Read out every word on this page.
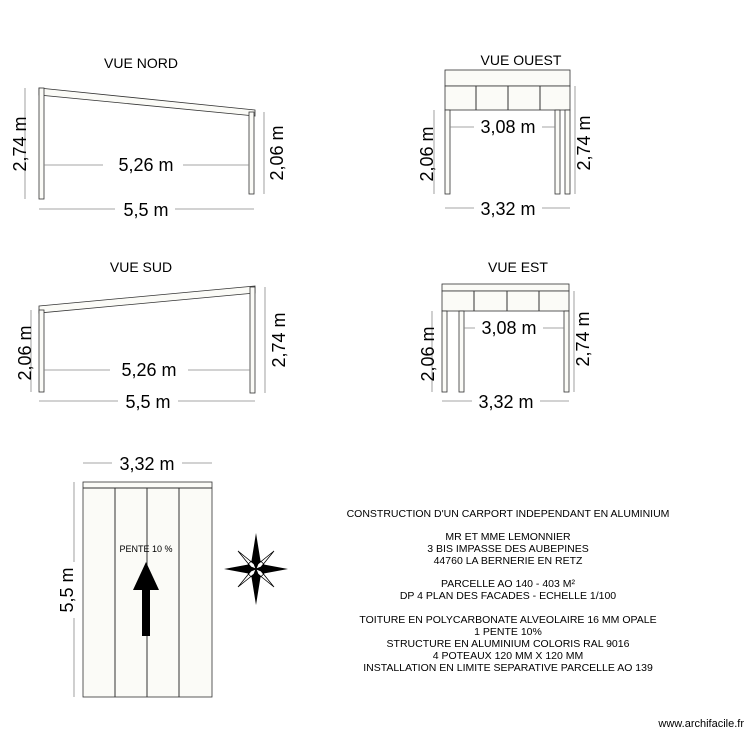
VUE NORD
2,74 m	2,06 m
5,26 m
5,5 m
VUE OUEST
2,06 m	2,74 m
3,08 m
3,32 m
VUE SUD
2,06 m	2,74 m
5,26 m
5,5 m
VUE EST
2,06 m	2,74 m
3,08 m
3,32 m
3,32 m
5,5 m
PENTE 10 %
CONSTRUCTION D'UN CARPORT INDEPENDANT EN ALUMINIUM
MR ET MME LEMONNIER
3 BIS IMPASSE DES AUBEPINES
44760 LA BERNERIE EN RETZ
PARCELLE AO 140 - 403 M²
DP 4 PLAN DES FACADES - ECHELLE 1/100
TOITURE EN POLYCARBONATE ALVEOLAIRE 16 MM OPALE
1 PENTE 10%
STRUCTURE EN ALUMINIUM COLORIS RAL 9016
4 POTEAUX 120 MM X 120 MM
INSTALLATION EN LIMITE SEPARATIVE PARCELLE AO 139
www.archifacile.fr
